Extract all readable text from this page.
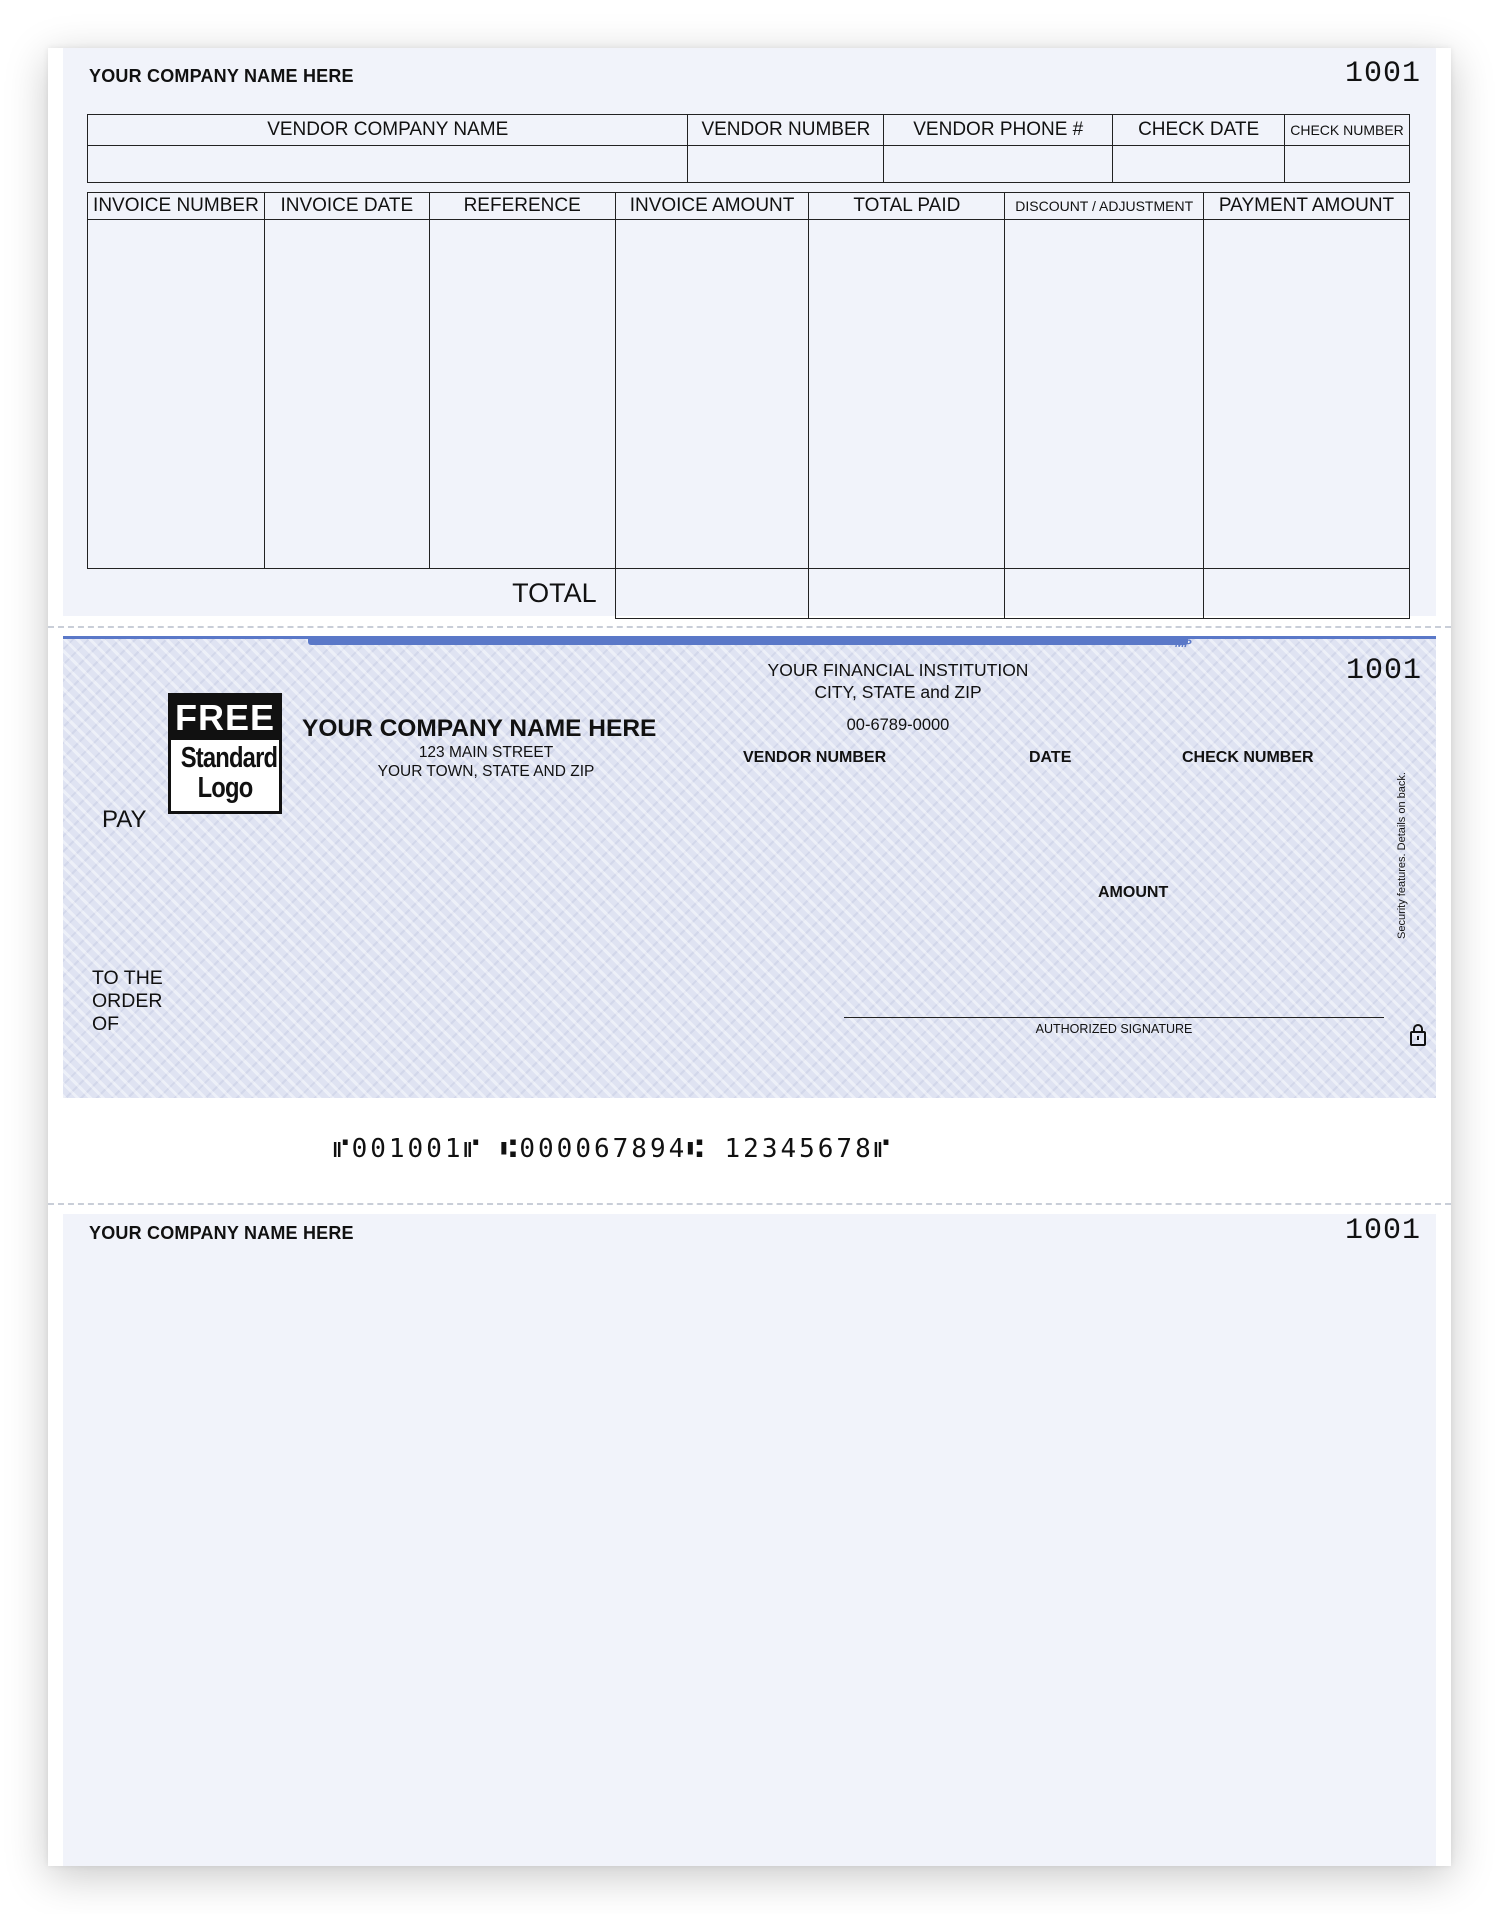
YOUR COMPANY NAME HERE	1001
VENDOR COMPANY NAME	VENDOR NUMBER	VENDOR PHONE #	CHECK DATE	CHECK NUMBER

INVOICE NUMBER	INVOICE DATE	REFERENCE	INVOICE AMOUNT	TOTAL PAID	DISCOUNT / ADJUSTMENT	PAYMENT AMOUNT

TOTAL						
MP
1001
FREE
Standard
Logo
YOUR COMPANY NAME HERE
123 MAIN STREET
YOUR TOWN, STATE AND ZIP
YOUR FINANCIAL INSTITUTION
CITY, STATE and ZIP
00-6789-0000
VENDOR NUMBER	DATE	CHECK NUMBER
PAY
AMOUNT
TO THE
ORDER
OF	AUTHORIZED SIGNATURE
Security features. Details on back.
⑈001001⑈ ⑆000067894⑆ 12345678⑈
YOUR COMPANY NAME HERE	1001
